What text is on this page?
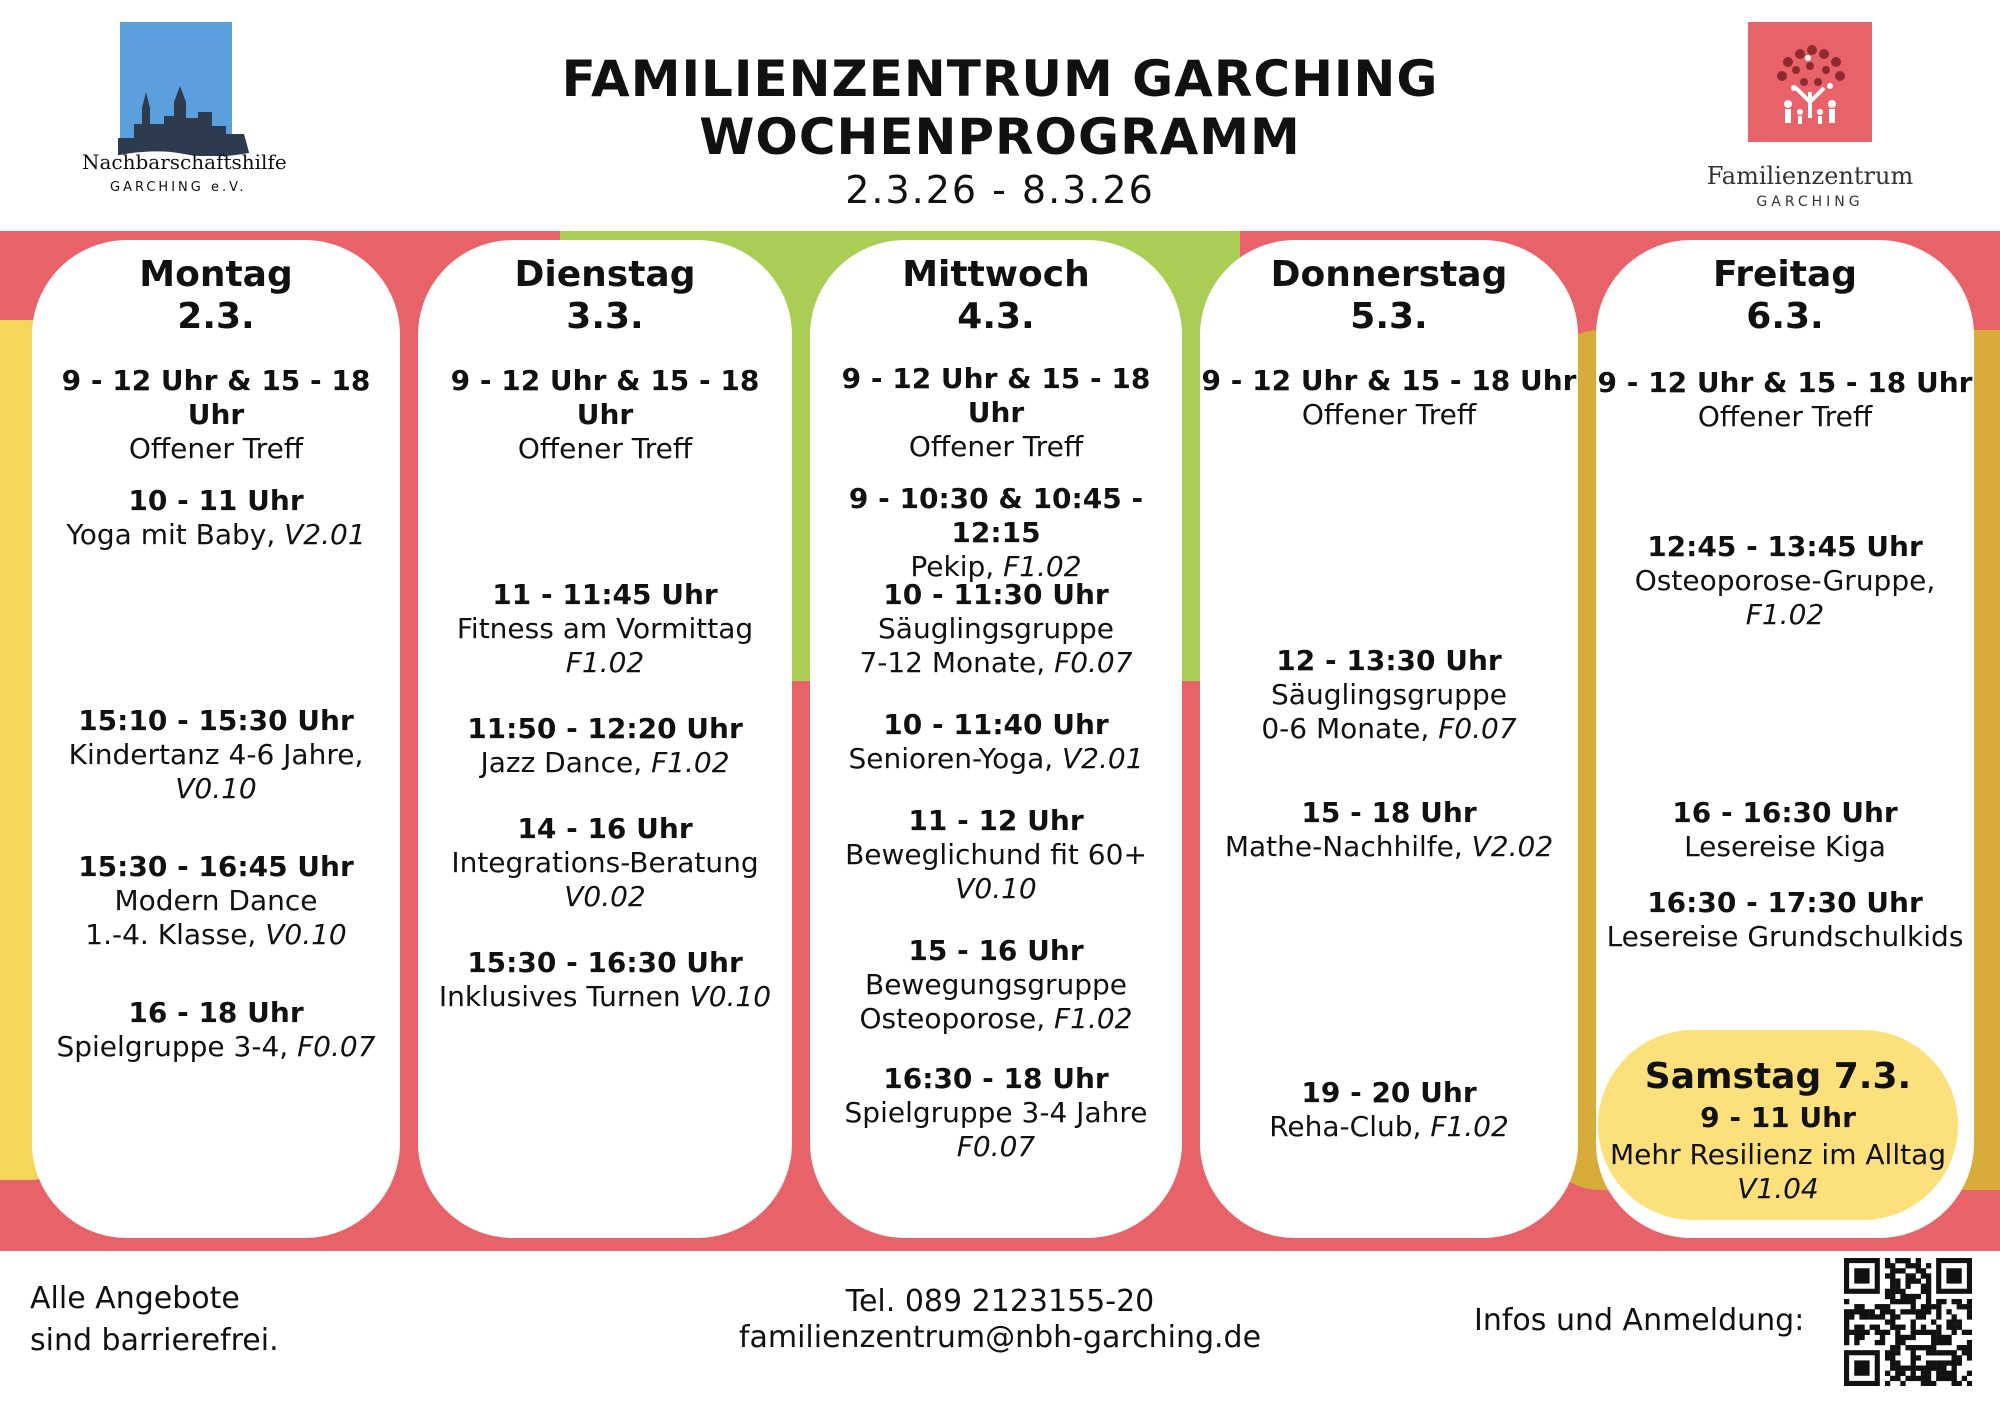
FAMILIENZENTRUM GARCHING
WOCHENPROGRAMM
2.3.26 - 8.3.26
Nachbarschaftshilfe
GARCHING e.V.	Familienzentrum
GARCHING
Montag
2.3.
9 - 12 Uhr & 15 - 18 Uhr
Offener Treff
10 - 11 Uhr
Yoga mit Baby, V2.01
15:10 - 15:30 Uhr
Kindertanz 4-6 Jahre,
V0.10
15:30 - 16:45 Uhr
Modern Dance
1.-4. Klasse, V0.10
16 - 18 Uhr
Spielgruppe 3-4, F0.07
Dienstag
3.3.
9 - 12 Uhr & 15 - 18 Uhr
Offener Treff
11 - 11:45 Uhr
Fitness am Vormittag
F1.02
11:50 - 12:20 Uhr
Jazz Dance, F1.02
14 - 16 Uhr
Integrations-Beratung
V0.02
15:30 - 16:30 Uhr
Inklusives Turnen V0.10
Mittwoch
4.3.
9 - 12 Uhr & 15 - 18 Uhr
Offener Treff
9 - 10:30 & 10:45 - 12:15
Pekip, F1.02
10 - 11:30 Uhr
Säuglingsgruppe
7-12 Monate, F0.07
10 - 11:40 Uhr
Senioren-Yoga, V2.01
11 - 12 Uhr
Beweglichund fit 60+
V0.10
15 - 16 Uhr
Bewegungsgruppe
Osteoporose, F1.02
16:30 - 18 Uhr
Spielgruppe 3-4 Jahre
F0.07
Donnerstag
5.3.
9 - 12 Uhr & 15 - 18 Uhr
Offener Treff
12 - 13:30 Uhr
Säuglingsgruppe
0-6 Monate, F0.07
15 - 18 Uhr
Mathe-Nachhilfe, V2.02
19 - 20 Uhr
Reha-Club, F1.02
Freitag
6.3.
9 - 12 Uhr & 15 - 18 Uhr
Offener Treff
12:45 - 13:45 Uhr
Osteoporose-Gruppe,
F1.02
16 - 16:30 Uhr
Lesereise Kiga
16:30 - 17:30 Uhr
Lesereise Grundschulkids
Samstag 7.3.
9 - 11 Uhr
Mehr Resilienz im Alltag
V1.04
Alle Angebote
sind barrierefrei.
Tel. 089 2123155-20
familienzentrum@nbh-garching.de	Infos und Anmeldung:
